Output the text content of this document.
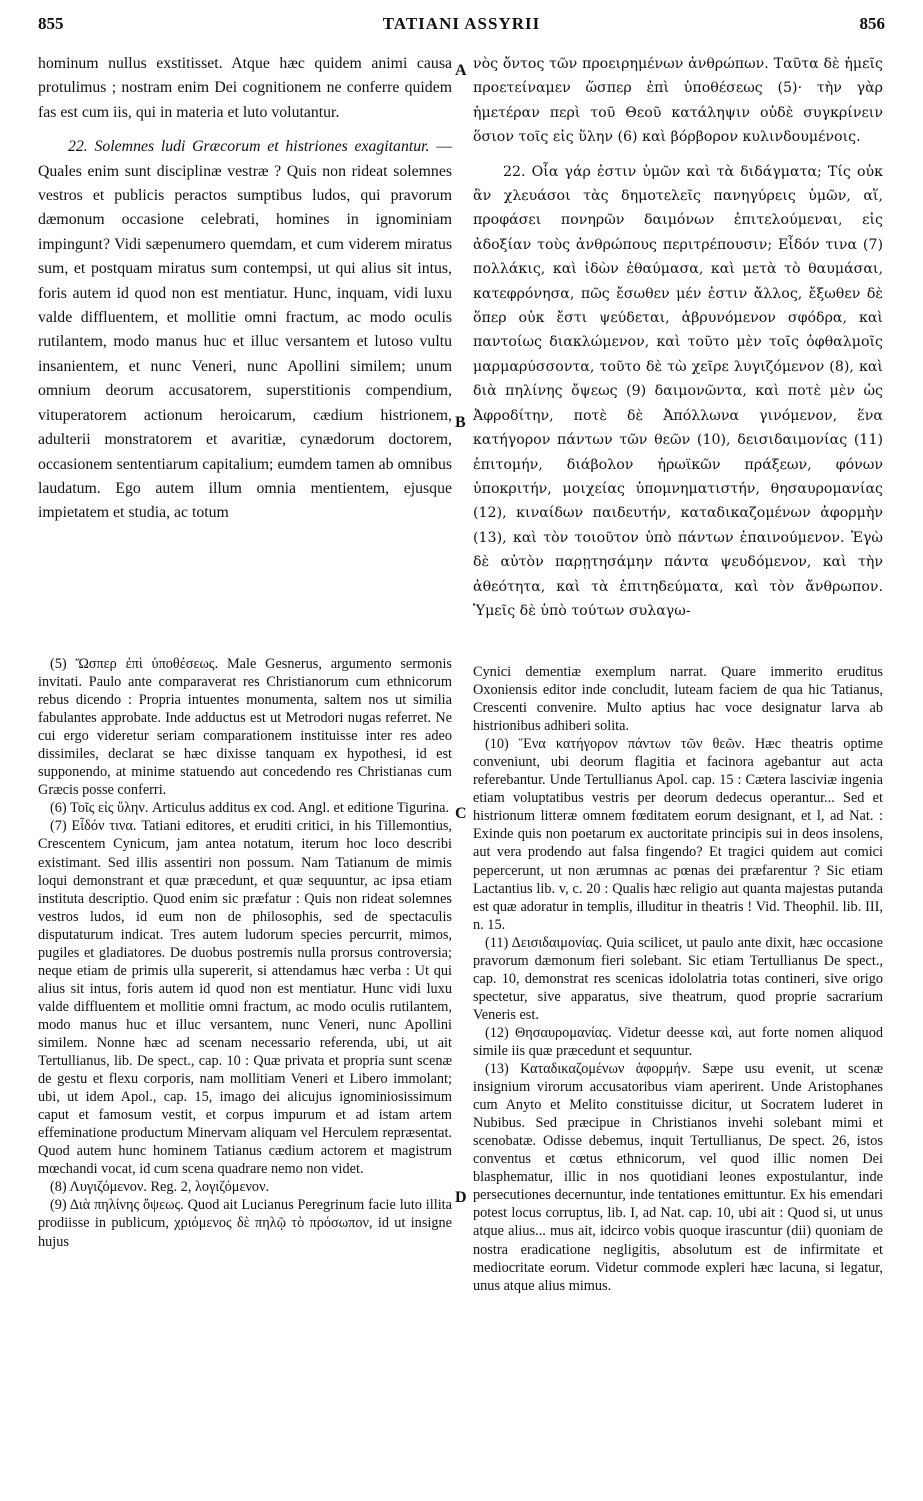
855	TATIANI ASSYRII	856

hominum nullus exstitisset. Atque hæc quidem animi causa protulimus ; nostram enim Dei cognitionem ne conferre quidem fas est cum iis, qui in materia et luto volutantur.

22. Solemnes ludi Græcorum et histriones exagitantur. — Quales enim sunt disciplinæ vestræ ? Quis non rideat solemnes vestros et publicis peractos sumptibus ludos, qui pravorum dæmonum occasione celebrati, homines in ignominiam impingunt? Vidi sæpenumero quemdam, et cum viderem miratus sum, et postquam miratus sum contempsi, ut qui alius sit intus, foris autem id quod non est mentiatur. Hunc, inquam, vidi luxu valde diffluentem, et mollitie omni fractum, ac modo oculis rutilantem, modo manus huc et illuc versantem et lutoso vultu insanientem, et nunc Veneri, nunc Apollini similem; unum omnium deorum accusatorem, superstitionis compendium, vituperatorem actionum heroicarum, cædium histrionem, adulterii monstratorem et avaritiæ, cynædorum doctorem, occasionem sententiarum capitalium; eumdem tamen ab omnibus laudatum. Ego autem illum omnia mentientem, ejusque impietatem et studia, ac totum

νὸς ὄντος τῶν προειρημένων ἀνθρώπων. Ταῦτα δὲ ἡμεῖς προετείναμεν ὥσπερ ἐπὶ ὑποθέσεως (5)· τὴν γὰρ ἡμετέραν περὶ τοῦ Θεοῦ κατάληψιν οὐδὲ συγκρίνειν ὅσιον τοῖς εἰς ὕλην (6) καὶ βόρβορον κυλινδουμένοις.

22. Οἷα γάρ ἐστιν ὑμῶν καὶ τὰ διδάγματα; Τίς οὐκ ἂν χλευάσοι τὰς δημοτελεῖς πανηγύρεις ὑμῶν, αἵ, προφάσει πονηρῶν δαιμόνων ἐπιτελούμεναι, εἰς ἀδοξίαν τοὺς ἀνθρώπους περιτρέπουσιν; Εἶδόν τινα (7) πολλάκις, καὶ ἰδὼν ἐθαύμασα, καὶ μετὰ τὸ θαυμάσαι, κατεφρόνησα, πῶς ἔσωθεν μέν ἐστιν ἄλλος, ἔξωθεν δὲ ὅπερ οὐκ ἔστι ψεύδεται, ἁβρυνόμενον σφόδρα, καὶ παντοίως διακλώμενον, καὶ τοῦτο μὲν τοῖς ὀφθαλμοῖς μαρμαρύσσοντα, τοῦτο δὲ τὼ χεῖρε λυγιζόμενον (8), καὶ διὰ πηλίνης ὄψεως (9) δαιμονῶντα, καὶ ποτὲ μὲν ὡς Ἀφροδίτην, ποτὲ δὲ Ἀπόλλωνα γινόμενον, ἕνα κατήγορον πάντων τῶν θεῶν (10), δεισιδαιμονίας (11) ἐπιτομήν, διάβολον ἡρωϊκῶν πράξεων, φόνων ὑποκριτήν, μοιχείας ὑπομνηματιστήν, θησαυρομανίας (12), κιναίδων παιδευτήν, καταδικαζομένων ἀφορμὴν (13), καὶ τὸν τοιοῦτον ὑπὸ πάντων ἐπαινούμενον. Ἐγὼ δὲ αὐτὸν παρῃτησάμην πάντα ψευδόμενον, καὶ τὴν ἀθεότητα, καὶ τὰ ἐπιτηδεύματα, καὶ τὸν ἄνθρωπον. Ὑμεῖς δὲ ὑπὸ τούτων συλαγω-

A
B
C
D

(5) Ὥσπερ ἐπὶ ὑποθέσεως. Male Gesnerus, argumento sermonis invitati. Paulo ante comparaverat res Christianorum cum ethnicorum rebus dicendo : Propria intuentes monumenta, saltem nos ut similia fabulantes approbate. Inde adductus est ut Metrodori nugas referret. Ne cui ergo videretur seriam comparationem instituisse inter res adeo dissimiles, declarat se hæc dixisse tanquam ex hypothesi, id est supponendo, at minime statuendo aut concedendo res Christianas cum Græcis posse conferri.

(6) Τοῖς εἰς ὕλην. Articulus additus ex cod. Angl. et editione Tigurina.

(7) Εἶδόν τινα. Tatiani editores, et eruditi critici, in his Tillemontius, Crescentem Cynicum, jam antea notatum, iterum hoc loco describi existimant. Sed illis assentiri non possum. Nam Tatianum de mimis loqui demonstrant et quæ præcedunt, et quæ sequuntur, ac ipsa etiam instituta descriptio. Quod enim sic præfatur : Quis non rideat solemnes vestros ludos, id eum non de philosophis, sed de spectaculis disputaturum indicat. Tres autem ludorum species percurrit, mimos, pugiles et gladiatores. De duobus postremis nulla prorsus controversia; neque etiam de primis ulla supererit, si attendamus hæc verba : Ut qui alius sit intus, foris autem id quod non est mentiatur. Hunc vidi luxu valde diffluentem et mollitie omni fractum, ac modo oculis rutilantem, modo manus huc et illuc versantem, nunc Veneri, nunc Apollini similem. Nonne hæc ad scenam necessario referenda, ubi, ut ait Tertullianus, lib. De spect., cap. 10 : Quæ privata et propria sunt scenæ de gestu et flexu corporis, nam mollitiam Veneri et Libero immolant; ubi, ut idem Apol., cap. 15, imago dei alicujus ignominiosissimum caput et famosum vestit, et corpus impurum et ad istam artem effeminatione productum Minervam aliquam vel Herculem repræsentat. Quod autem hunc hominem Tatianus cædium actorem et magistrum mœchandi vocat, id cum scena quadrare nemo non videt.

(8) Λυγιζόμενον. Reg. 2, λογιζόμενον.

(9) Διὰ πηλίνης ὄψεως. Quod ait Lucianus Peregrinum facie luto illita prodiisse in publicum, χριόμενος δὲ πηλῷ τὸ πρόσωπον, id ut insigne hujus

Cynici dementiæ exemplum narrat. Quare immerito eruditus Oxoniensis editor inde concludit, luteam faciem de qua hic Tatianus, Crescenti convenire. Multo aptius hac voce designatur larva ab histrionibus adhiberi solita.

(10) Ἕνα κατήγορον πάντων τῶν θεῶν. Hæc theatris optime conveniunt, ubi deorum flagitia et facinora agebantur aut acta referebantur. Unde Tertullianus Apol. cap. 15 : Cætera lasciviæ ingenia etiam voluptatibus vestris per deorum dedecus operantur... Sed et histrionum litteræ omnem fœditatem eorum designant, et l, ad Nat. : Exinde quis non poetarum ex auctoritate principis sui in deos insolens, aut vera prodendo aut falsa fingendo? Et tragici quidem aut comici pepercerunt, ut non ærumnas ac pœnas dei præfarentur ? Sic etiam Lactantius lib. v, c. 20 : Qualis hæc religio aut quanta majestas putanda est quæ adoratur in templis, illuditur in theatris ! Vid. Theophil. lib. III, n. 15.

(11) Δεισιδαιμονίας. Quia scilicet, ut paulo ante dixit, hæc occasione pravorum dæmonum fieri solebant. Sic etiam Tertullianus De spect., cap. 10, demonstrat res scenicas idololatria totas contineri, sive origo spectetur, sive apparatus, sive theatrum, quod proprie sacrarium Veneris est.

(12) Θησαυρομανίας. Videtur deesse καὶ, aut forte nomen aliquod simile iis quæ præcedunt et sequuntur.

(13) Καταδικαζομένων ἀφορμήν. Sæpe usu evenit, ut scenæ insignium virorum accusatoribus viam aperirent. Unde Aristophanes cum Anyto et Melito constituisse dicitur, ut Socratem luderet in Nubibus. Sed præcipue in Christianos invehi solebant mimi et scenobatæ. Odisse debemus, inquit Tertullianus, De spect. 26, istos conventus et cœtus ethnicorum, vel quod illic nomen Dei blasphematur, illic in nos quotidiani leones expostulantur, inde persecutiones decernuntur, inde tentationes emittuntur. Ex his emendari potest locus corruptus, lib. I, ad Nat. cap. 10, ubi ait : Quod si, ut unus atque alius... mus ait, idcirco vobis quoque irascuntur (dii) quoniam de nostra eradicatione negligitis, absolutum est de infirmitate et mediocritate eorum. Videtur commode expleri hæc lacuna, si legatur, unus atque alius mimus.
